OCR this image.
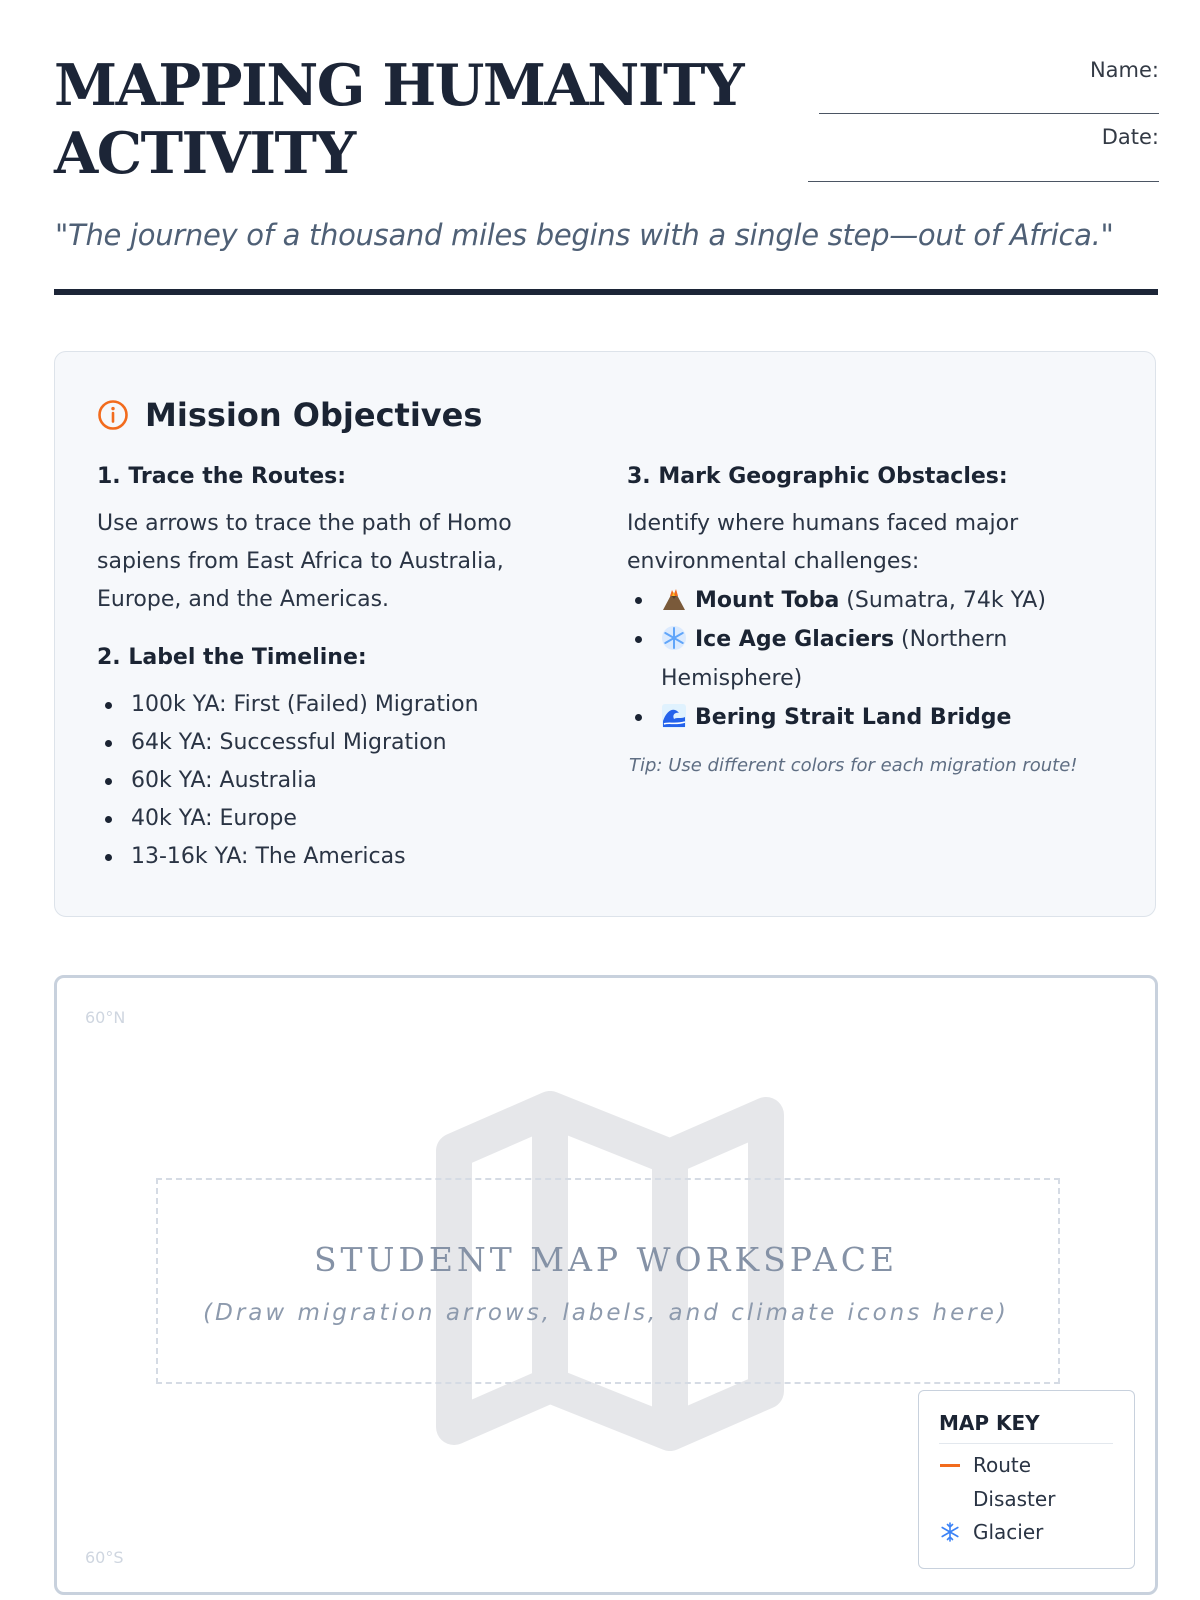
MAPPING HUMANITY
ACTIVITY
Name:
Date:

"The journey of a thousand miles begins with a single step—out of Africa."

Mission Objectives

1. Trace the Routes:

Use arrows to trace the path of Homo sapiens from East Africa to Australia, Europe, and the Americas.

2. Label the Timeline:

100k YA: First (Failed) Migration
64k YA: Successful Migration
60k YA: Australia
40k YA: Europe
13-16k YA: The Americas

3. Mark Geographic Obstacles:

Identify where humans faced major environmental challenges:

Mount Toba (Sumatra, 74k YA)
Ice Age Glaciers (Northern Hemisphere)
Bering Strait Land Bridge

Tip: Use different colors for each migration route!

60°N
60°S
STUDENT MAP WORKSPACE
(Draw migration arrows, labels, and climate icons here)
MAP KEY
Route
Disaster
Glacier
